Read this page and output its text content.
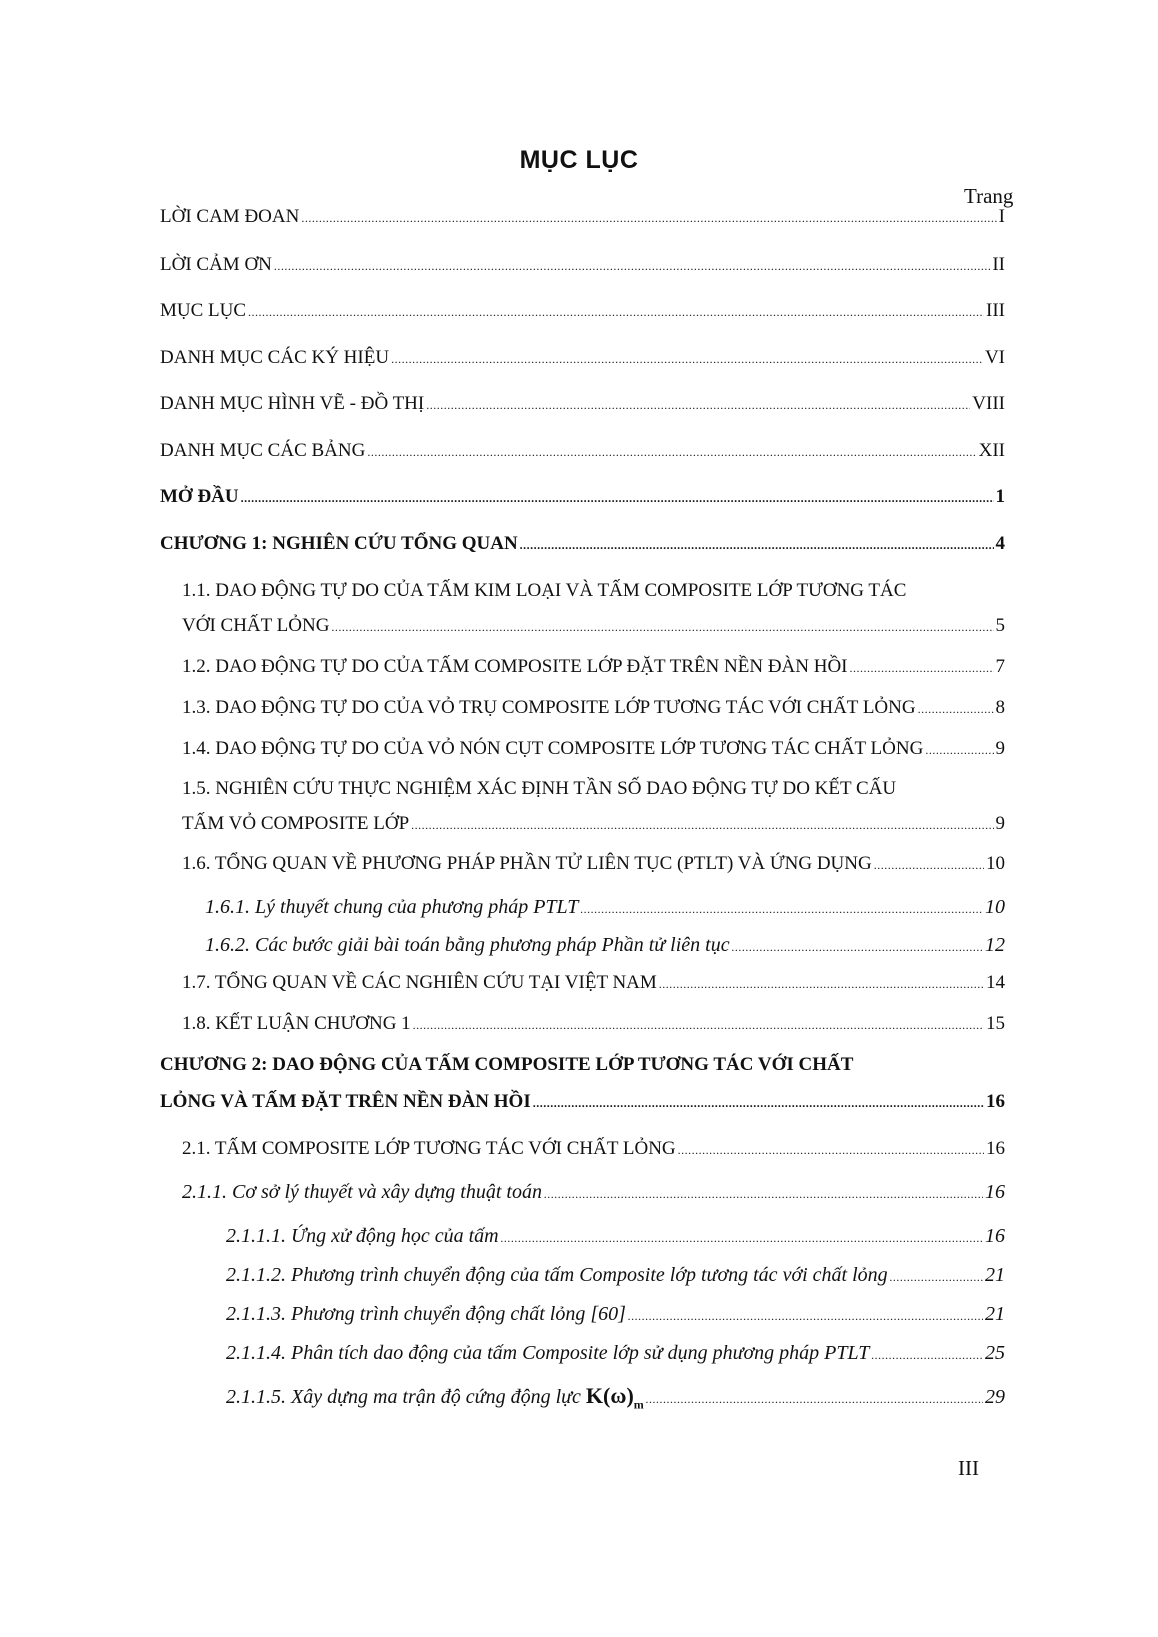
MỤC LỤC
Trang
LỜI CAM ĐOAN .....	I
LỜI CẢM ƠN .....	II
MỤC LỤC .....	III
DANH MỤC CÁC KÝ HIỆU .....	VI
DANH MỤC HÌNH VẼ - ĐỒ THỊ .....	VIII
DANH MỤC CÁC BẢNG .....	XII
MỞ ĐẦU .....	1
CHƯƠNG 1: NGHIÊN CỨU TỔNG QUAN .....	4
1.1. DAO ĐỘNG TỰ DO CỦA TẤM KIM LOẠI VÀ TẤM COMPOSITE LỚP TƯƠNG TÁC
VỚI CHẤT LỎNG .....	5
1.2. DAO ĐỘNG TỰ DO CỦA TẤM COMPOSITE LỚP ĐẶT TRÊN NỀN ĐÀN HỒI .....	7
1.3. DAO ĐỘNG TỰ DO CỦA VỎ TRỤ COMPOSITE LỚP TƯƠNG TÁC VỚI CHẤT LỎNG .....	8
1.4. DAO ĐỘNG TỰ DO CỦA VỎ NÓN CỤT COMPOSITE LỚP TƯƠNG TÁC CHẤT LỎNG .....	9
1.5. NGHIÊN CỨU THỰC NGHIỆM XÁC ĐỊNH TẦN SỐ DAO ĐỘNG TỰ DO KẾT CẤU
TẤM VỎ COMPOSITE LỚP .....	9
1.6. TỔNG QUAN VỀ PHƯƠNG PHÁP PHẦN TỬ LIÊN TỤC (PTLT) VÀ ỨNG DỤNG .....	10
1.6.1. Lý thuyết chung của phương pháp PTLT .....	10
1.6.2. Các bước giải bài toán bằng phương pháp Phần tử liên tục .....	12
1.7. TỔNG QUAN VỀ CÁC NGHIÊN CỨU TẠI VIỆT NAM .....	14
1.8. KẾT LUẬN CHƯƠNG 1 .....	15
CHƯƠNG 2: DAO ĐỘNG CỦA TẤM COMPOSITE LỚP TƯƠNG TÁC VỚI CHẤT
LỎNG VÀ TẤM ĐẶT TRÊN NỀN ĐÀN HỒI .....	16
2.1. TẤM COMPOSITE LỚP TƯƠNG TÁC VỚI CHẤT LỎNG .....	16
2.1.1. Cơ sở lý thuyết và xây dựng thuật toán .....	16
2.1.1.1. Ứng xử động học của tấm .....	16
2.1.1.2. Phương trình chuyển động của tấm Composite lớp tương tác với chất lỏng .....	21
2.1.1.3. Phương trình chuyển động chất lỏng [60] .....	21
2.1.1.4. Phân tích dao động của tấm Composite lớp sử dụng phương pháp PTLT .....	25
2.1.1.5. Xây dựng ma trận độ cứng động lực $K(\omega)_m$ .....	29
III
